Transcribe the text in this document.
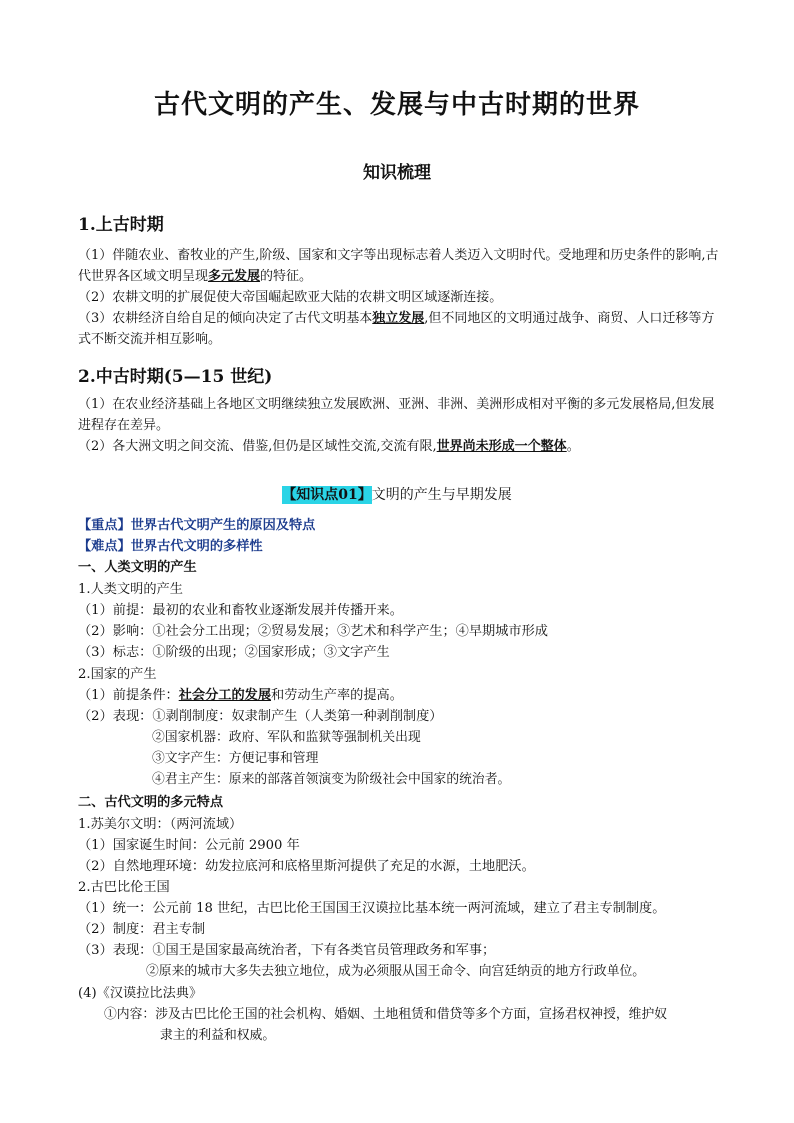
古代文明的产生、发展与中古时期的世界
知识梳理
1.上古时期

（1）伴随农业、畜牧业的产生,阶级、国家和文字等出现标志着人类迈入文明时代。受地理和历史条件的影响,古代世界各区域文明呈现多元发展的特征。

（2）农耕文明的扩展促使大帝国崛起欧亚大陆的农耕文明区域逐渐连接。

（3）农耕经济自给自足的倾向决定了古代文明基本独立发展,但不同地区的文明通过战争、商贸、人口迁移等方式不断交流并相互影响。

2.中古时期(5—15 世纪)

（1）在农业经济基础上各地区文明继续独立发展欧洲、亚洲、非洲、美洲形成相对平衡的多元发展格局,但发展进程存在差异。

（2）各大洲文明之间交流、借鉴,但仍是区域性交流,交流有限,世界尚未形成一个整体。

【知识点01】文明的产生与早期发展

【重点】世界古代文明产生的原因及特点

【难点】世界古代文明的多样性

一、人类文明的产生

1.人类文明的产生

（1）前提：最初的农业和畜牧业逐渐发展并传播开来。

（2）影响：①社会分工出现；②贸易发展；③艺术和科学产生；④早期城市形成

（3）标志：①阶级的出现；②国家形成；③文字产生

2.国家的产生

（1）前提条件：社会分工的发展和劳动生产率的提高。

（2）表现：①剥削制度：奴隶制产生（人类第一种剥削制度）

②国家机器：政府、军队和监狱等强制机关出现

③文字产生：方便记事和管理

④君主产生：原来的部落首领演变为阶级社会中国家的统治者。

二、古代文明的多元特点

1.苏美尔文明：（两河流域）

（1）国家诞生时间：公元前 2900 年

（2）自然地理环境：幼发拉底河和底格里斯河提供了充足的水源，土地肥沃。

2.古巴比伦王国

（1）统一：公元前 18 世纪，古巴比伦王国国王汉谟拉比基本统一两河流域，建立了君主专制制度。

（2）制度：君主专制

（3）表现：①国王是国家最高统治者，下有各类官员管理政务和军事；

②原来的城市大多失去独立地位，成为必须服从国王命令、向宫廷纳贡的地方行政单位。

(4)《汉谟拉比法典》

①内容：涉及古巴比伦王国的社会机构、婚姻、土地租赁和借贷等多个方面，宣扬君权神授，维护奴

隶主的利益和权威。
